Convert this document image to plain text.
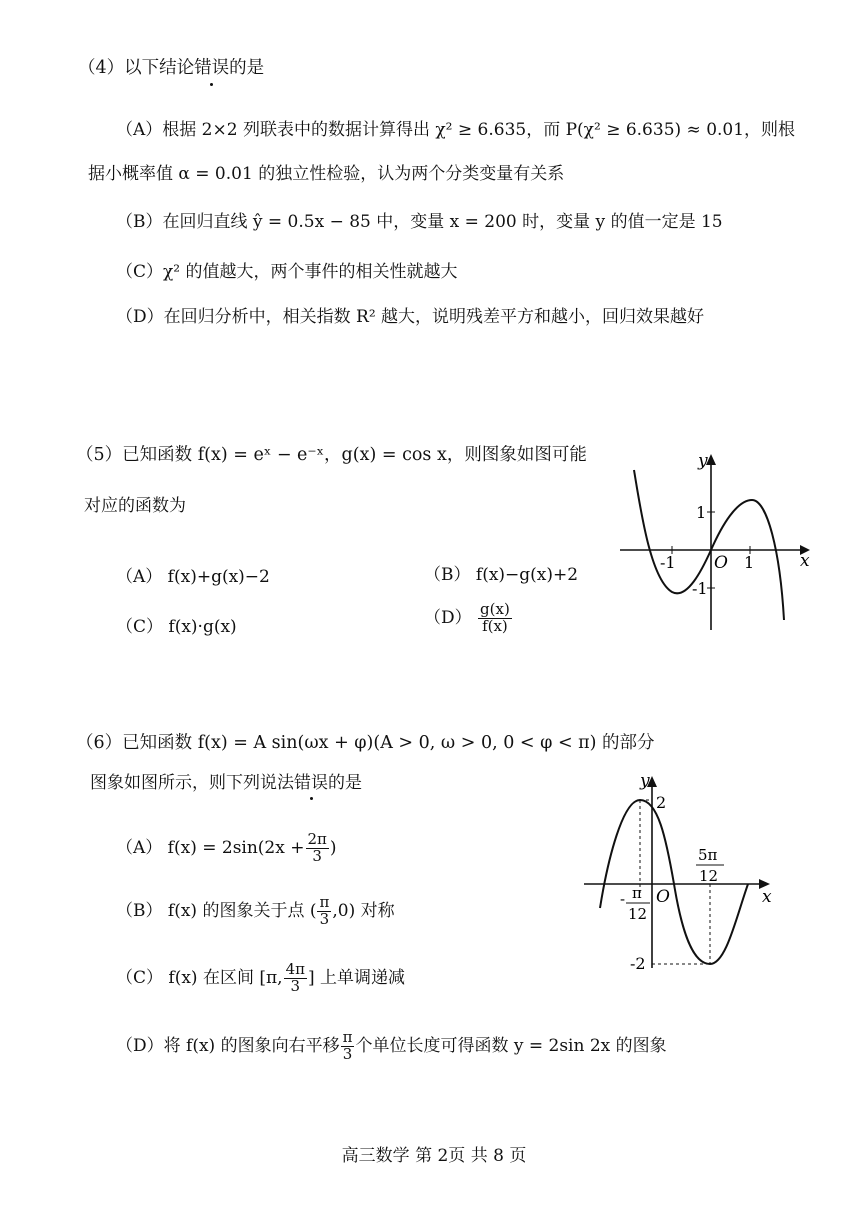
（4）以下结论错误的是
（A）根据 2×2 列联表中的数据计算得出 χ² ≥ 6.635，而 P(χ² ≥ 6.635) ≈ 0.01，则根
据小概率值 α = 0.01 的独立性检验，认为两个分类变量有关系
（B）在回归直线 ŷ = 0.5x − 85 中，变量 x = 200 时，变量 y 的值一定是 15
（C）χ² 的值越大，两个事件的相关性就越大
（D）在回归分析中，相关指数 R² 越大，说明残差平方和越小，回归效果越好
（5）已知函数 f(x) = eˣ − e⁻ˣ，g(x) = cos x，则图象如图可能
对应的函数为
（A） f(x)+g(x)−2	（B） f(x)−g(x)+2
（C） f(x)·g(x)	$(D) \frac{g(x)}{f(x)}$
y
x
O
1
-1
-1	1
（6）已知函数 f(x) = A sin(ωx + φ)(A > 0, ω > 0, 0 < φ < π) 的部分
图象如图所示，则下列说法错误的是
（A） $f(x) = 2\sin(2x + \frac{2\pi}{3}$ )
（B） f(x) 的图象关于点 ( $\frac{\pi}{3} ,0$) 对称
（C） f(x) 在区间 [π, $\frac{4\pi}{3}$ ] 上单调递减
（D）将 f(x) 的图象向右平移 $\frac{\pi}{3}$ 个单位长度可得函数 y = 2sin 2x 的图象
y
x
O
2
-2
- π
12
5π
12
高三数学 第 2页 共 8 页
